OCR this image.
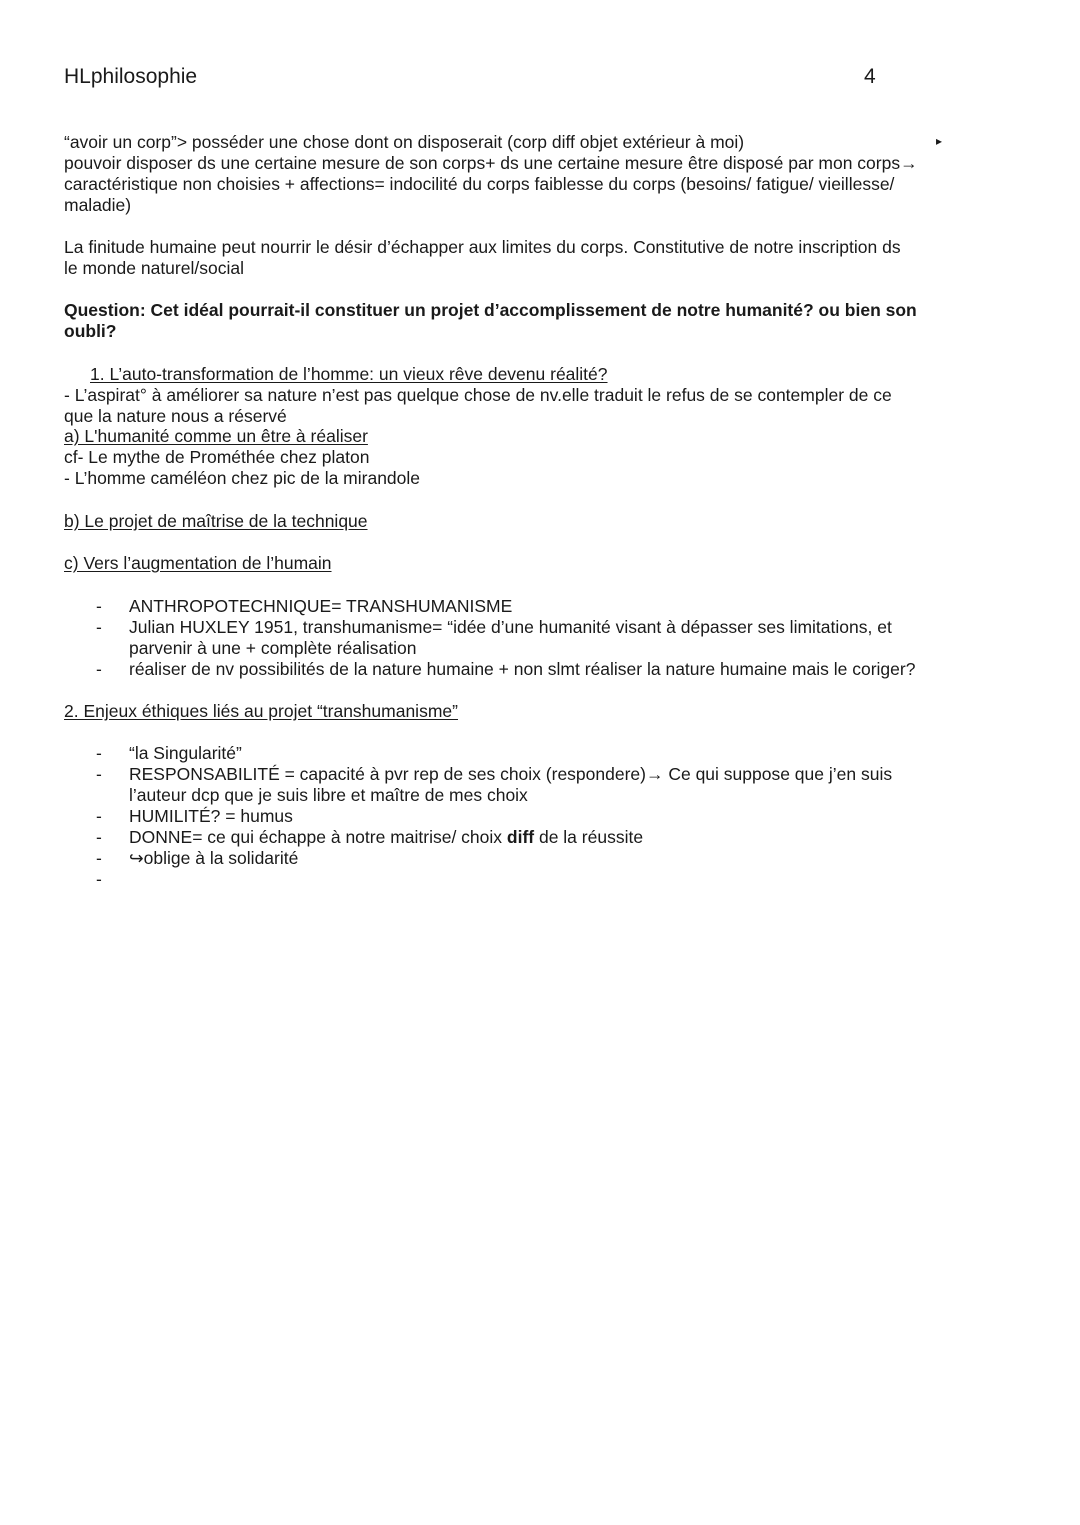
HLphilosophie	4
“avoir un corp”> posséder une chose dont on disposerait (corp diff objet extérieur à moi)	▸
pouvoir disposer ds une certaine mesure de son corps+ ds une certaine mesure être disposé par mon corps→
caractéristique non choisies + affections= indocilité du corps faiblesse du corps (besoins/ fatigue/ vieillesse/
maladie)
La finitude humaine peut nourrir le désir d’échapper aux limites du corps. Constitutive de notre inscription ds
le monde naturel/social
Question: Cet idéal pourrait-il constituer un projet d’accomplissement de notre humanité? ou bien son
oubli?
1. L’auto-transformation de l’homme: un vieux rêve devenu réalité?
- L’aspirat° à améliorer sa nature n’est pas quelque chose de nv.elle traduit le refus de se contempler de ce
que la nature nous a réservé
a) L'humanité comme un être à réaliser
cf- Le mythe de Prométhée chez platon
- L’homme caméléon chez pic de la mirandole
b) Le projet de maîtrise de la technique
c) Vers l’augmentation de l’humain
- ANTHROPOTECHNIQUE= TRANSHUMANISME
- Julian HUXLEY 1951, transhumanisme= “idée d’une humanité visant à dépasser ses limitations, et
parvenir à une + complète réalisation
- réaliser de nv possibilités de la nature humaine + non slmt réaliser la nature humaine mais le coriger?
2. Enjeux éthiques liés au projet “transhumanisme”
- “la Singularité”
- RESPONSABILITÉ = capacité à pvr rep de ses choix (respondere)→ Ce qui suppose que j’en suis
l’auteur dcp que je suis libre et maître de mes choix
- HUMILITÉ? = humus
- DONNE= ce qui échappe à notre maitrise/ choix diff de la réussite
- ↪oblige à la solidarité
-
